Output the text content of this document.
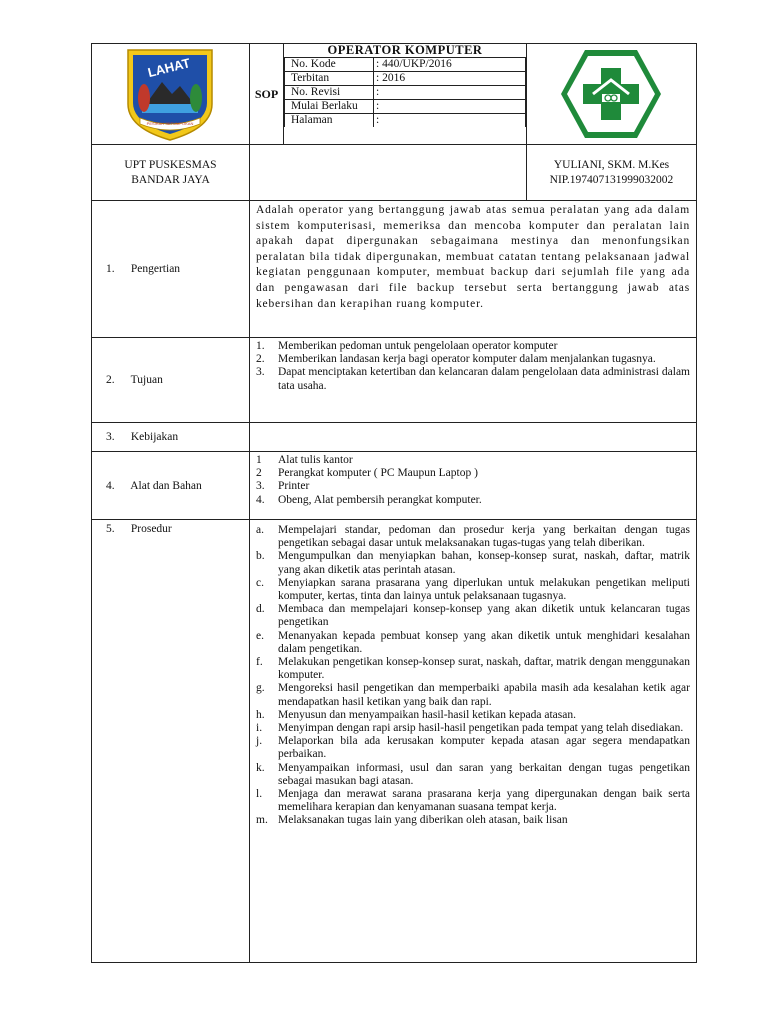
LAHAT
PESIRAH SETUMPOKAN
	SOP	
OPERATOR KOMPUTER
No. Kode	: 440/UKP/2016
Terbitan	: 2016
No. Revisi	:
Mulai Berlaku	:
Halaman	:

UPT PUSKESMAS
BANDAR JAYA

YULIANI, SKM. M.Kes
NIP.197407131999032002

1. Pengertian	Adalah operator yang bertanggung jawab atas semua peralatan yang ada dalam sistem komputerisasi, memeriksa dan mencoba komputer dan peralatan lain apakah dapat dipergunakan sebagaimana mestinya dan menonfungsikan peralatan bila tidak dipergunakan, membuat catatan tentang pelaksanaan jadwal kegiatan penggunaan komputer, membuat backup dari sejumlah file yang ada dan pengawasan dari file backup tersebut serta bertanggung jawab atas kebersihan dan kerapihan ruang komputer.
2. Tujuan	
1.	Memberikan pedoman untuk pengelolaan operator komputer
2.	Memberikan landasan kerja bagi operator komputer dalam menjalankan tugasnya.
3.	Dapat menciptakan ketertiban dan kelancaran dalam pengelolaan data administrasi dalam tata usaha.

3. Kebijakan	
4. Alat dan Bahan	
1	Alat tulis kantor
2	Perangkat komputer ( PC Maupun Laptop )
3.	Printer
4.	Obeng, Alat pembersih perangkat komputer.

5. Prosedur	a.	Mempelajari standar, pedoman dan prosedur kerja yang berkaitan dengan tugas pengetikan sebagai dasar untuk melaksanakan tugas-tugas yang telah diberikan.
b.	Mengumpulkan dan menyiapkan bahan, konsep-konsep surat, naskah, daftar, matrik yang akan diketik atas perintah atasan.
c.	Menyiapkan sarana prasarana yang diperlukan untuk melakukan pengetikan meliputi komputer, kertas, tinta dan lainya untuk pelaksanaan tugasnya.
d.	Membaca dan mempelajari konsep-konsep yang akan diketik untuk kelancaran tugas pengetikan
e.	Menanyakan kepada pembuat konsep yang akan diketik untuk menghidari kesalahan dalam pengetikan.
f.	Melakukan pengetikan konsep-konsep surat, naskah, daftar, matrik dengan menggunakan komputer.
g.	Mengoreksi hasil pengetikan dan memperbaiki apabila masih ada kesalahan ketik agar mendapatkan hasil ketikan yang baik dan rapi.
h.	Menyusun dan menyampaikan hasil-hasil ketikan kepada atasan.
i.	Menyimpan dengan rapi arsip hasil-hasil pengetikan pada tempat yang telah disediakan.
j.	Melaporkan bila ada kerusakan komputer kepada atasan agar segera mendapatkan perbaikan.
k.	Menyampaikan informasi, usul dan saran yang berkaitan dengan tugas pengetikan sebagai masukan bagi atasan.
l.	Menjaga dan merawat sarana prasarana kerja yang dipergunakan dengan baik serta memelihara kerapian dan kenyamanan suasana tempat kerja.
m. Melaksanakan tugas lain yang diberikan oleh atasan, baik lisan
